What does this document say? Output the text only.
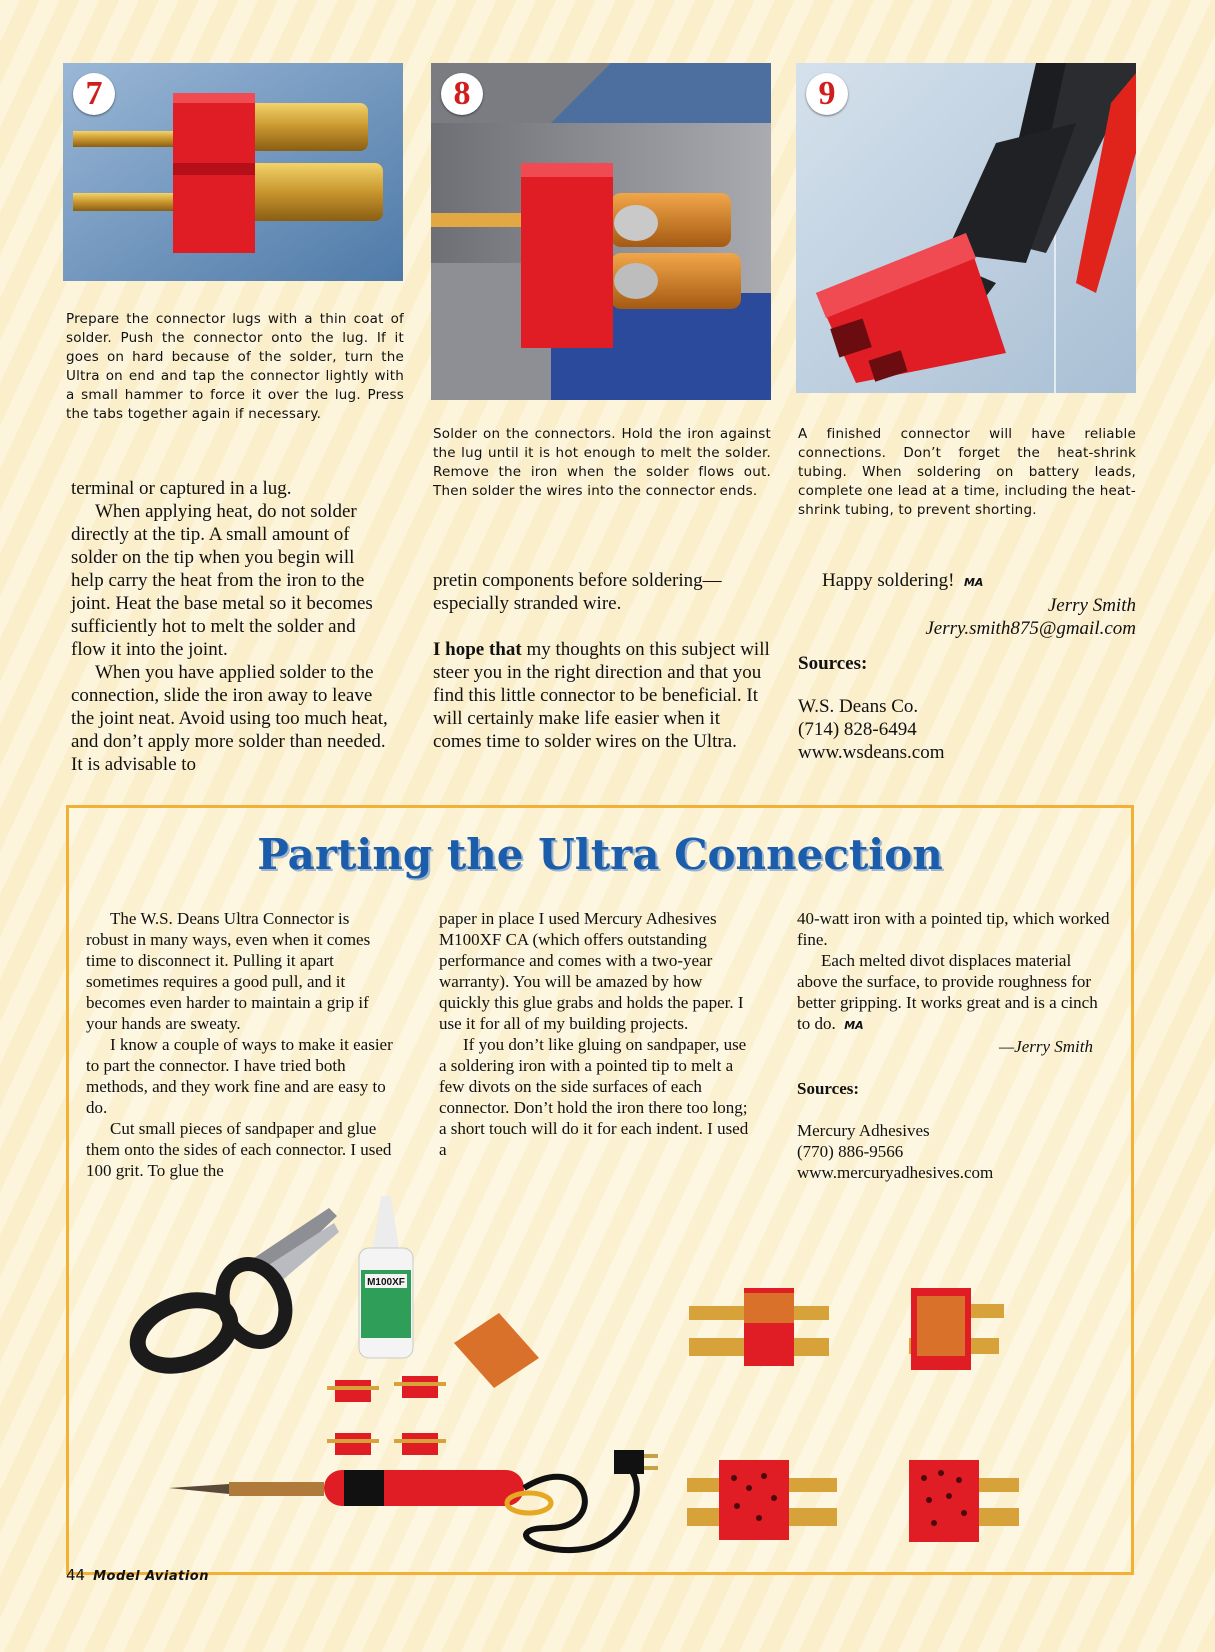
7

Prepare the connector lugs with a thin coat of solder. Push the connector onto the lug. If it goes on hard because of the solder, turn the Ultra on end and tap the connector lightly with a small hammer to force it over the lug. Press the tabs together again if necessary.

8

Solder on the connectors. Hold the iron against the lug until it is hot enough to melt the solder. Remove the iron when the solder flows out. Then solder the wires into the connector ends.

9

A finished connector will have reliable connections. Don’t forget the heat-shrink tubing. When soldering on battery leads, complete one lead at a time, including the heat-shrink tubing, to prevent shorting.

terminal or captured in a lug.

When applying heat, do not solder directly at the tip. A small amount of solder on the tip when you begin will help carry the heat from the iron to the joint. Heat the base metal so it becomes sufficiently hot to melt the solder and flow it into the joint.

When you have applied solder to the connection, slide the iron away to leave the joint neat. Avoid using too much heat, and don’t apply more solder than needed. It is advisable to

pretin components before soldering—especially stranded wire.

I hope that my thoughts on this subject will steer you in the right direction and that you find this little connector to be beneficial. It will certainly make life easier when it comes time to solder wires on the Ultra.

Happy soldering! MA

Jerry Smith

Jerry.smith875@gmail.com

Sources:

W.S. Deans Co.

(714) 828-6494

www.wsdeans.com

Parting the Ultra Connection

The W.S. Deans Ultra Connector is robust in many ways, even when it comes time to disconnect it. Pulling it apart sometimes requires a good pull, and it becomes even harder to maintain a grip if your hands are sweaty.

I know a couple of ways to make it easier to part the connector. I have tried both methods, and they work fine and are easy to do.

Cut small pieces of sandpaper and glue them onto the sides of each connector. I used 100 grit. To glue the

paper in place I used Mercury Adhesives M100XF CA (which offers outstanding performance and comes with a two-year warranty). You will be amazed by how quickly this glue grabs and holds the paper. I use it for all of my building projects.

If you don’t like gluing on sandpaper, use a soldering iron with a pointed tip to melt a few divots on the side surfaces of each connector. Don’t hold the iron there too long; a short touch will do it for each indent. I used a

40-watt iron with a pointed tip, which worked fine.

Each melted divot displaces material above the surface, to provide roughness for better gripping. It works great and is a cinch to do. MA

—Jerry Smith

Sources:

Mercury Adhesives

(770) 886-9566

www.mercuryadhesives.com

M100XF
44 Model Aviation
